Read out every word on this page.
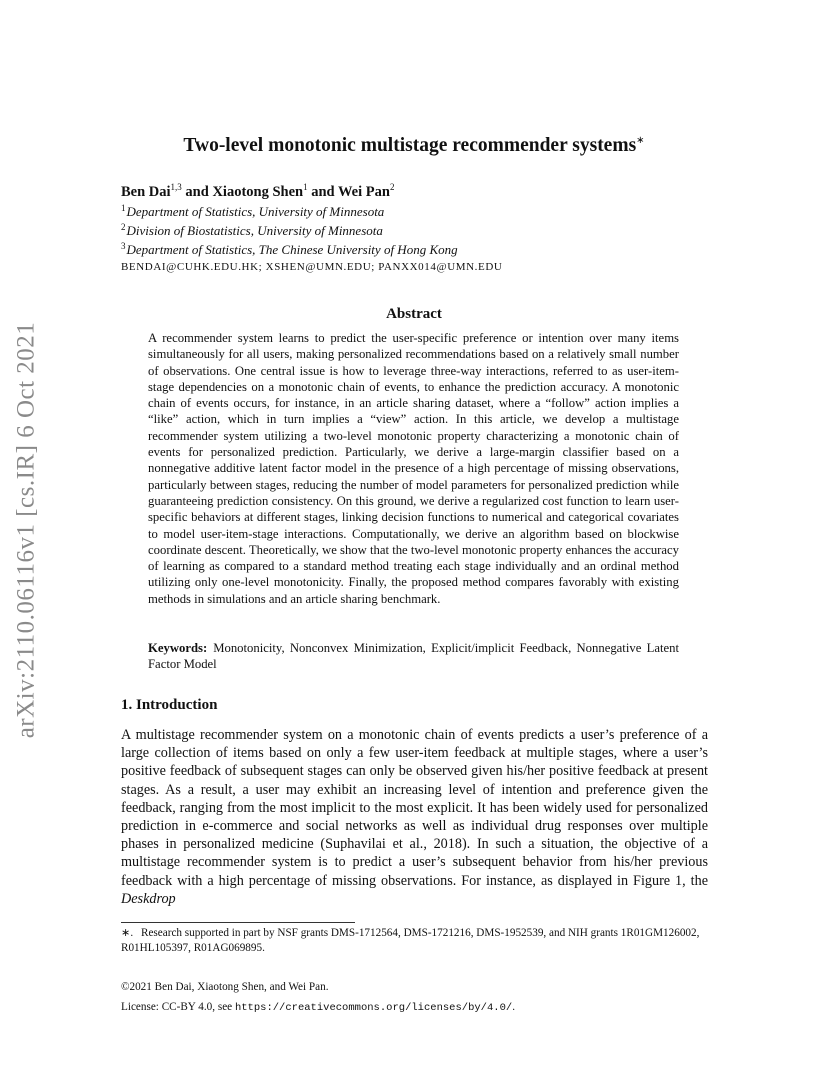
arXiv:2110.06116v1 [cs.IR] 6 Oct 2021
Two-level monotonic multistage recommender systems∗
Ben Dai$^{1,3}$ and Xiaotong Shen$^1$ and Wei Pan$^2$
$^1$Department of Statistics, University of Minnesota
$^2$Division of Biostatistics, University of Minnesota
$^3$Department of Statistics, The Chinese University of Hong Kong
BENDAI@CUHK.EDU.HK; XSHEN@UMN.EDU; PANXX014@UMN.EDU
Abstract
A recommender system learns to predict the user-specific preference or intention over many items simultaneously for all users, making personalized recommendations based on a relatively small number of observations. One central issue is how to leverage three-way interactions, referred to as user-item-stage dependencies on a monotonic chain of events, to enhance the prediction accuracy. A monotonic chain of events occurs, for instance, in an article sharing dataset, where a “follow” action implies a “like” action, which in turn implies a “view” action. In this article, we develop a multistage recommender system utilizing a two-level monotonic property characterizing a monotonic chain of events for personalized prediction. Particularly, we derive a large-margin classifier based on a nonnegative additive latent factor model in the presence of a high percentage of missing observations, particularly between stages, reducing the number of model parameters for personalized prediction while guaranteeing prediction consistency. On this ground, we derive a regularized cost function to learn user-specific behaviors at different stages, linking decision functions to numerical and categorical covariates to model user-item-stage interactions. Computationally, we derive an algorithm based on blockwise coordinate descent. Theoretically, we show that the two-level monotonic property enhances the accuracy of learning as compared to a standard method treating each stage individually and an ordinal method utilizing only one-level monotonicity. Finally, the proposed method compares favorably with existing methods in simulations and an article sharing benchmark.
Keywords: Monotonicity, Nonconvex Minimization, Explicit/implicit Feedback, Nonnegative Latent Factor Model
1. Introduction
A multistage recommender system on a monotonic chain of events predicts a user’s preference of a large collection of items based on only a few user-item feedback at multiple stages, where a user’s positive feedback of subsequent stages can only be observed given his/her positive feedback at present stages. As a result, a user may exhibit an increasing level of intention and preference given the feedback, ranging from the most implicit to the most explicit. It has been widely used for personalized prediction in e-commerce and social networks as well as individual drug responses over multiple phases in personalized medicine (Suphavilai et al., 2018). In such a situation, the objective of a multistage recommender system is to predict a user’s subsequent behavior from his/her previous feedback with a high percentage of missing observations. For instance, as displayed in Figure 1, the Deskdrop
∗. Research supported in part by NSF grants DMS-1712564, DMS-1721216, DMS-1952539, and NIH grants 1R01GM126002, R01HL105397, R01AG069895.
©2021 Ben Dai, Xiaotong Shen, and Wei Pan.
License: CC-BY 4.0, see https://creativecommons.org/licenses/by/4.0/.
